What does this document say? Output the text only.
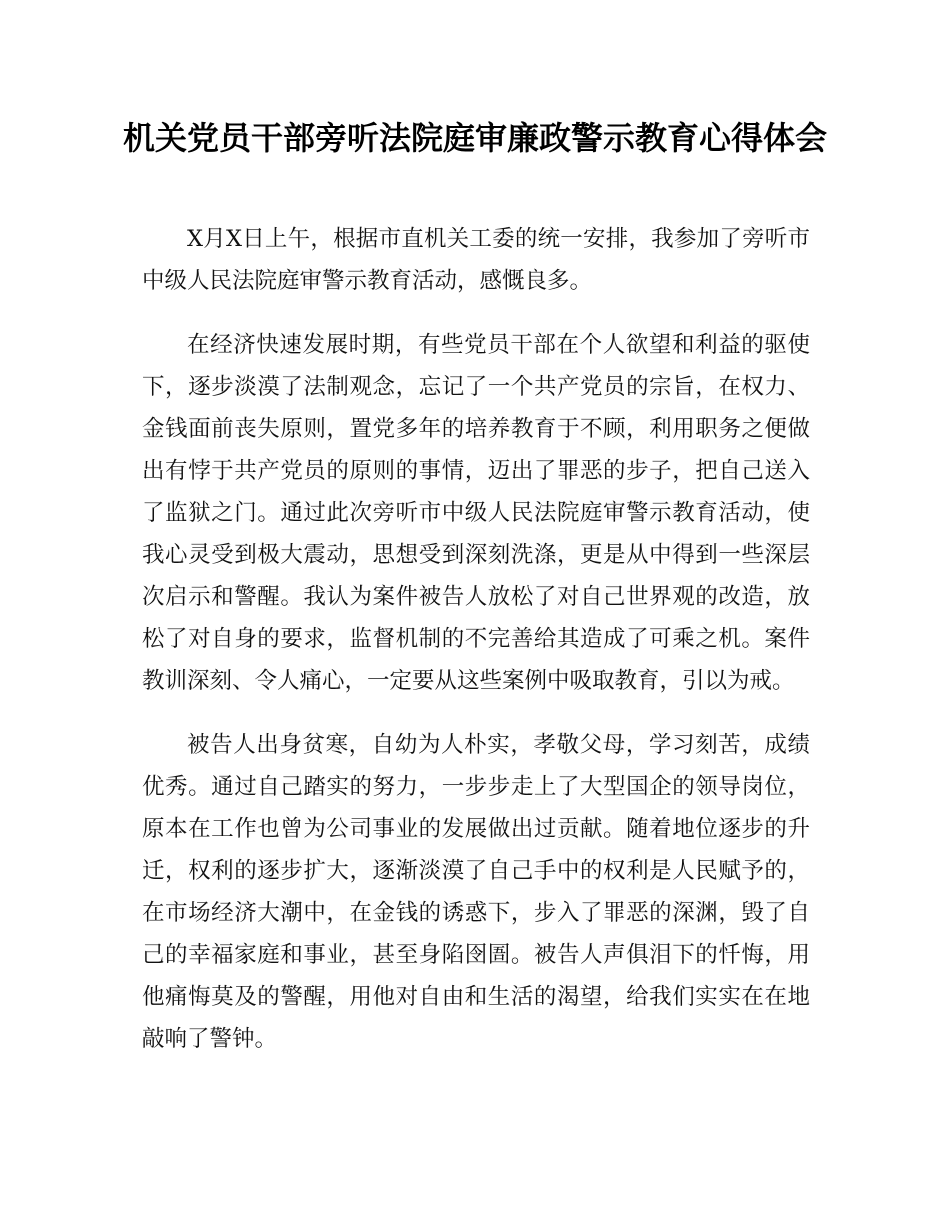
机关党员干部旁听法院庭审廉政警示教育心得体会

X月X日上午，根据市直机关工委的统一安排，我参加了旁听市中级人民法院庭审警示教育活动，感慨良多。

在经济快速发展时期，有些党员干部在个人欲望和利益的驱使下，逐步淡漠了法制观念，忘记了一个共产党员的宗旨，在权力、金钱面前丧失原则，置党多年的培养教育于不顾，利用职务之便做出有悖于共产党员的原则的事情，迈出了罪恶的步子，把自己送入了监狱之门。通过此次旁听市中级人民法院庭审警示教育活动，使我心灵受到极大震动，思想受到深刻洗涤，更是从中得到一些深层次启示和警醒。我认为案件被告人放松了对自己世界观的改造，放松了对自身的要求，监督机制的不完善给其造成了可乘之机。案件教训深刻、令人痛心，一定要从这些案例中吸取教育，引以为戒。

被告人出身贫寒，自幼为人朴实，孝敬父母，学习刻苦，成绩优秀。通过自己踏实的努力，一步步走上了大型国企的领导岗位，原本在工作也曾为公司事业的发展做出过贡献。随着地位逐步的升迁，权利的逐步扩大，逐渐淡漠了自己手中的权利是人民赋予的，在市场经济大潮中，在金钱的诱惑下，步入了罪恶的深渊，毁了自己的幸福家庭和事业，甚至身陷囹圄。被告人声俱泪下的忏悔，用他痛悔莫及的警醒，用他对自由和生活的渴望，给我们实实在在地敲响了警钟。
